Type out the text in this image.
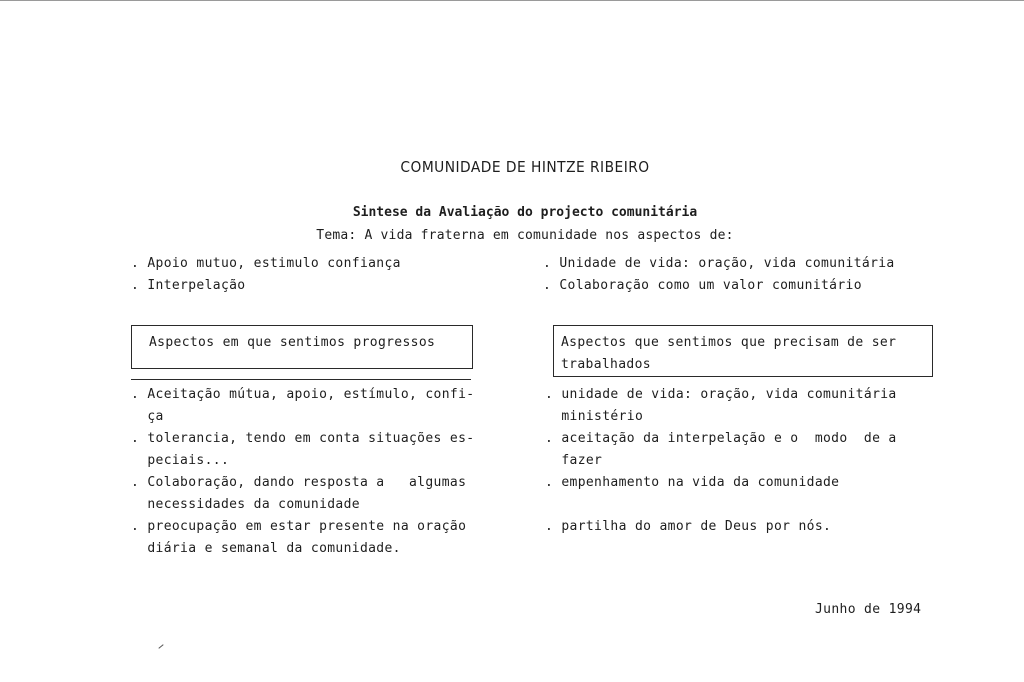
COMUNIDADE DE HINTZE RIBEIRO
Sintese da Avaliação do projecto comunitária
Tema: A vida fraterna em comunidade nos aspectos de:
. Apoio mutuo, estimulo confiança
. Interpelação
. Unidade de vida: oração, vida comunitária
. Colaboração como um valor comunitário
Aspectos em que sentimos progressos	Aspectos que sentimos que precisam de ser
trabalhados
. Aceitação mútua, apoio, estímulo, confi-
ça
. tolerancia, tendo em conta situações es-
peciais...
. Colaboração, dando resposta a   algumas
necessidades da comunidade
. preocupação em estar presente na oração
diária e semanal da comunidade.
. unidade de vida: oração, vida comunitária
ministério
. aceitação da interpelação e o  modo  de a
fazer
. empenhamento na vida da comunidade
. partilha do amor de Deus por nós.
Junho de 1994
